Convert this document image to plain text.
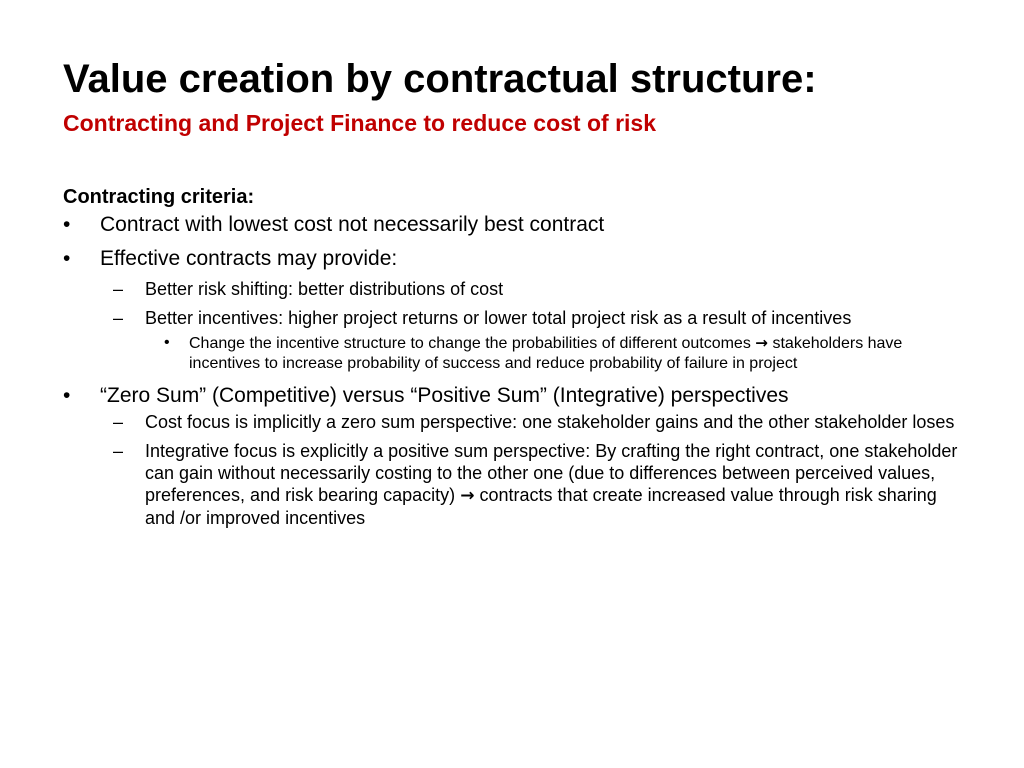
Value creation by contractual structure:
Contracting and Project Finance to reduce cost of risk

Contracting criteria:

• Contract with lowest cost not necessarily best contract
• Effective contracts may provide:
– Better risk shifting: better distributions of cost
– Better incentives: higher project returns or lower total project risk as a result of incentives
• Change the incentive structure to change the probabilities of different outcomes → stakeholders have incentives to increase probability of success and reduce probability of failure in project
• “Zero Sum” (Competitive) versus “Positive Sum” (Integrative) perspectives
– Cost focus is implicitly a zero sum perspective: one stakeholder gains and the other stakeholder loses
– Integrative focus is explicitly a positive sum perspective: By crafting the right contract, one stakeholder can gain without necessarily costing to the other one (due to differences between perceived values, preferences, and risk bearing capacity) → contracts that create increased value through risk sharing and /or improved incentives
